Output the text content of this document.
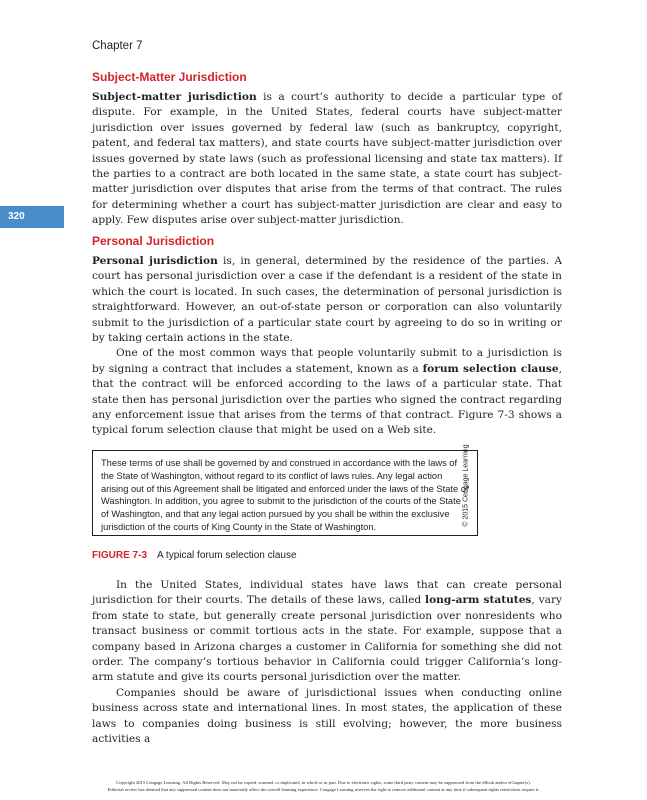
Chapter 7
320
Subject-Matter Jurisdiction

Subject-matter jurisdiction is a court’s authority to decide a particular type of dispute. For example, in the United States, federal courts have subject-matter jurisdiction over issues governed by federal law (such as bankruptcy, copyright, patent, and federal tax matters), and state courts have subject-matter jurisdiction over issues governed by state laws (such as professional licensing and state tax matters). If the parties to a contract are both located in the same state, a state court has subject-matter jurisdiction over disputes that arise from the terms of that contract. The rules for determining whether a court has subject-matter jurisdiction are clear and easy to apply. Few disputes arise over subject-matter jurisdiction.

Personal Jurisdiction

Personal jurisdiction is, in general, determined by the residence of the parties. A court has personal jurisdiction over a case if the defendant is a resident of the state in which the court is located. In such cases, the determination of personal jurisdiction is straightforward. However, an out-of-state person or corporation can also voluntarily submit to the jurisdiction of a particular state court by agreeing to do so in writing or by taking certain actions in the state.

One of the most common ways that people voluntarily submit to a jurisdiction is by signing a contract that includes a statement, known as a forum selection clause, that the contract will be enforced according to the laws of a particular state. That state then has personal jurisdiction over the parties who signed the contract regarding any enforcement issue that arises from the terms of that contract. Figure 7-3 shows a typical forum selection clause that might be used on a Web site.

These terms of use shall be governed by and construed in accordance with the laws of the State of Washington, without regard to its conflict of laws rules. Any legal action arising out of this Agreement shall be litigated and enforced under the laws of the State of Washington. In addition, you agree to submit to the jurisdiction of the courts of the State of Washington, and that any legal action pursued by you shall be within the exclusive jurisdiction of the courts of King County in the State of Washington.

© 2015 Cengage Learning
FIGURE 7-3 A typical forum selection clause

In the United States, individual states have laws that can create personal jurisdiction for their courts. The details of these laws, called long-arm statutes, vary from state to state, but generally create personal jurisdiction over nonresidents who transact business or commit tortious acts in the state. For example, suppose that a company based in Arizona charges a customer in California for something she did not order. The company’s tortious behavior in California could trigger California’s long-arm statute and give its courts personal jurisdiction over the matter.

Companies should be aware of jurisdictional issues when conducting online business across state and international lines. In most states, the application of these laws to companies doing business is still evolving; however, the more business activities a

Copyright 2015 Cengage Learning. All Rights Reserved. May not be copied, scanned, or duplicated, in whole or in part. Due to electronic rights, some third party content may be suppressed from the eBook and/or eChapter(s).
Editorial review has deemed that any suppressed content does not materially affect the overall learning experience. Cengage Learning reserves the right to remove additional content at any time if subsequent rights restrictions require it.
